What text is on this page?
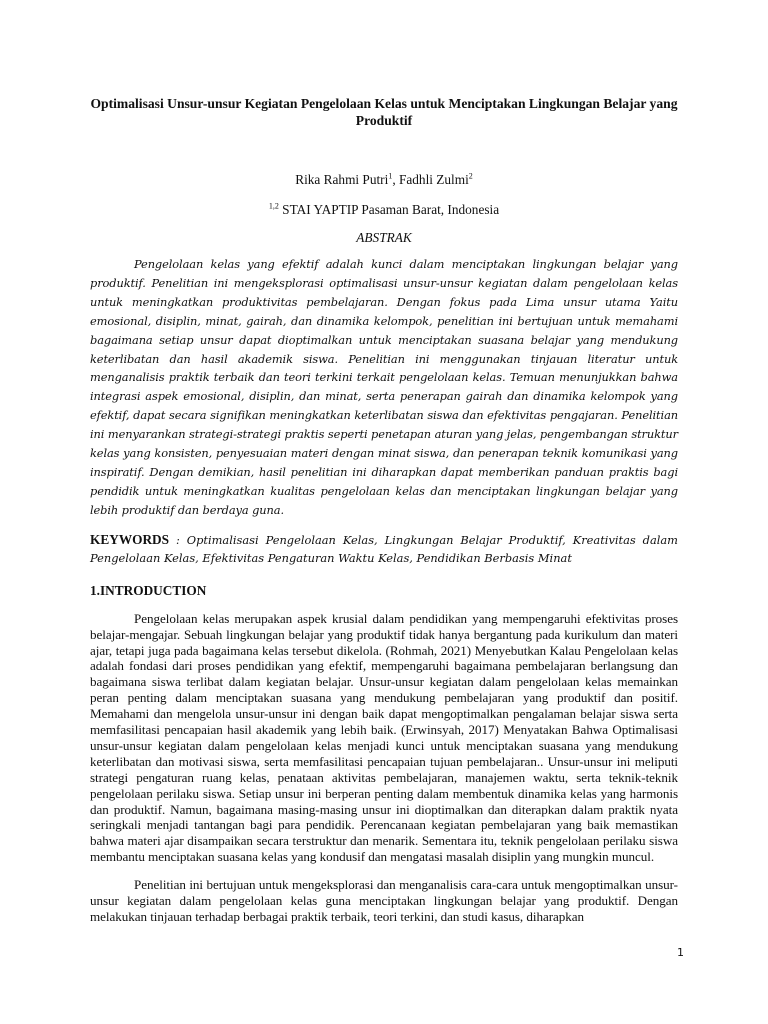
Optimalisasi Unsur-unsur Kegiatan Pengelolaan Kelas untuk Menciptakan Lingkungan Belajar yang Produktif
Rika Rahmi Putri$^1$, Fadhli Zulmi$^2$
$^{1,2}$ STAI YAPTIP Pasaman Barat, Indonesia
ABSTRAK

Pengelolaan kelas yang efektif adalah kunci dalam menciptakan lingkungan belajar yang produktif. Penelitian ini mengeksplorasi optimalisasi unsur-unsur kegiatan dalam pengelolaan kelas untuk meningkatkan produktivitas pembelajaran. Dengan fokus pada Lima unsur utama Yaitu emosional, disiplin, minat, gairah, dan dinamika kelompok, penelitian ini bertujuan untuk memahami bagaimana setiap unsur dapat dioptimalkan untuk menciptakan suasana belajar yang mendukung keterlibatan dan hasil akademik siswa. Penelitian ini menggunakan tinjauan literatur untuk menganalisis praktik terbaik dan teori terkini terkait pengelolaan kelas. Temuan menunjukkan bahwa integrasi aspek emosional, disiplin, dan minat, serta penerapan gairah dan dinamika kelompok yang efektif, dapat secara signifikan meningkatkan keterlibatan siswa dan efektivitas pengajaran. Penelitian ini menyarankan strategi-strategi praktis seperti penetapan aturan yang jelas, pengembangan struktur kelas yang konsisten, penyesuaian materi dengan minat siswa, dan penerapan teknik komunikasi yang inspiratif. Dengan demikian, hasil penelitian ini diharapkan dapat memberikan panduan praktis bagi pendidik untuk meningkatkan kualitas pengelolaan kelas dan menciptakan lingkungan belajar yang lebih produktif dan berdaya guna.

KEYWORDS : Optimalisasi Pengelolaan Kelas, Lingkungan Belajar Produktif, Kreativitas dalam Pengelolaan Kelas, Efektivitas Pengaturan Waktu Kelas, Pendidikan Berbasis Minat
1.INTRODUCTION

Pengelolaan kelas merupakan aspek krusial dalam pendidikan yang mempengaruhi efektivitas proses belajar-mengajar. Sebuah lingkungan belajar yang produktif tidak hanya bergantung pada kurikulum dan materi ajar, tetapi juga pada bagaimana kelas tersebut dikelola. (Rohmah, 2021) Menyebutkan Kalau Pengelolaan kelas adalah fondasi dari proses pendidikan yang efektif, mempengaruhi bagaimana pembelajaran berlangsung dan bagaimana siswa terlibat dalam kegiatan belajar. Unsur-unsur kegiatan dalam pengelolaan kelas memainkan peran penting dalam menciptakan suasana yang mendukung pembelajaran yang produktif dan positif. Memahami dan mengelola unsur-unsur ini dengan baik dapat mengoptimalkan pengalaman belajar siswa serta memfasilitasi pencapaian hasil akademik yang lebih baik. (Erwinsyah, 2017) Menyatakan Bahwa Optimalisasi unsur-unsur kegiatan dalam pengelolaan kelas menjadi kunci untuk menciptakan suasana yang mendukung keterlibatan dan motivasi siswa, serta memfasilitasi pencapaian tujuan pembelajaran.. Unsur-unsur ini meliputi strategi pengaturan ruang kelas, penataan aktivitas pembelajaran, manajemen waktu, serta teknik-teknik pengelolaan perilaku siswa. Setiap unsur ini berperan penting dalam membentuk dinamika kelas yang harmonis dan produktif. Namun, bagaimana masing-masing unsur ini dioptimalkan dan diterapkan dalam praktik nyata seringkali menjadi tantangan bagi para pendidik. Perencanaan kegiatan pembelajaran yang baik memastikan bahwa materi ajar disampaikan secara terstruktur dan menarik. Sementara itu, teknik pengelolaan perilaku siswa membantu menciptakan suasana kelas yang kondusif dan mengatasi masalah disiplin yang mungkin muncul.

Penelitian ini bertujuan untuk mengeksplorasi dan menganalisis cara-cara untuk mengoptimalkan unsur-unsur kegiatan dalam pengelolaan kelas guna menciptakan lingkungan belajar yang produktif. Dengan melakukan tinjauan terhadap berbagai praktik terbaik, teori terkini, dan studi kasus, diharapkan

1
